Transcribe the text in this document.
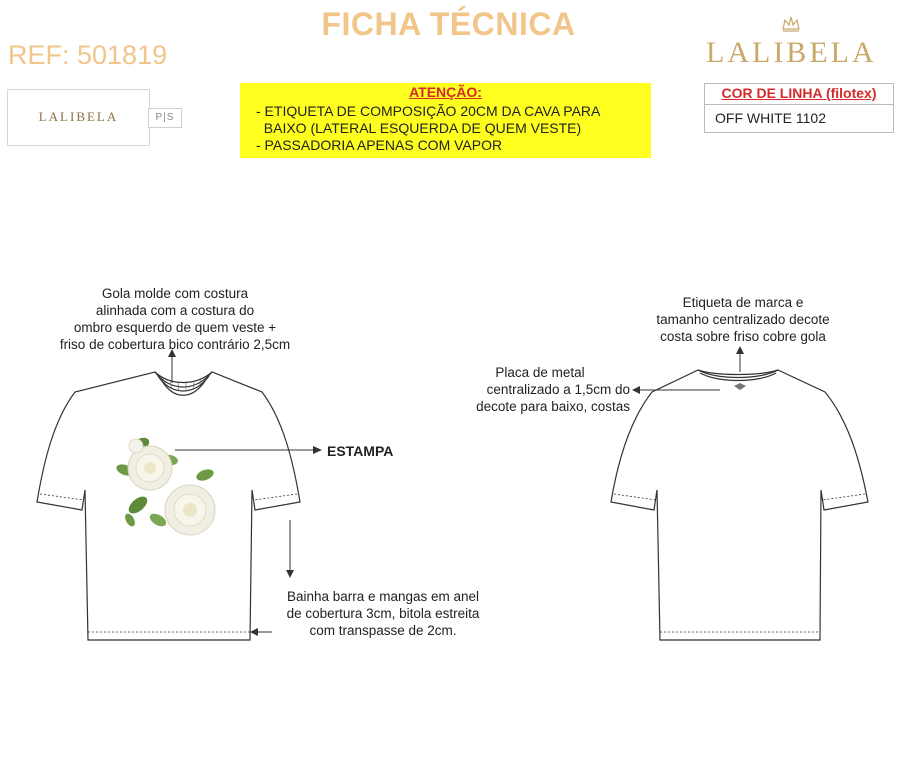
FICHA TÉCNICA
REF: 501819	LALIBELA
LALIBELA	P|S
ATENÇÃO:
- ETIQUETA DE COMPOSIÇÃO 20CM DA CAVA PARA
BAIXO (LATERAL ESQUERDA DE QUEM VESTE)
- PASSADORIA APENAS COM VAPOR
COR DE LINHA (filotex)
OFF WHITE 1102
Gola molde com costura
alinhada com a costura do
ombro esquerdo de quem veste +
friso de cobertura bico contrário 2,5cm
ESTAMPA
Bainha barra e mangas em anel
de cobertura 3cm, bitola estreita
com transpasse de 2cm.
Etiqueta de marca e
tamanho centralizado decote
costa sobre friso cobre gola
Placa de metal
centralizado a 1,5cm do
decote para baixo, costas
